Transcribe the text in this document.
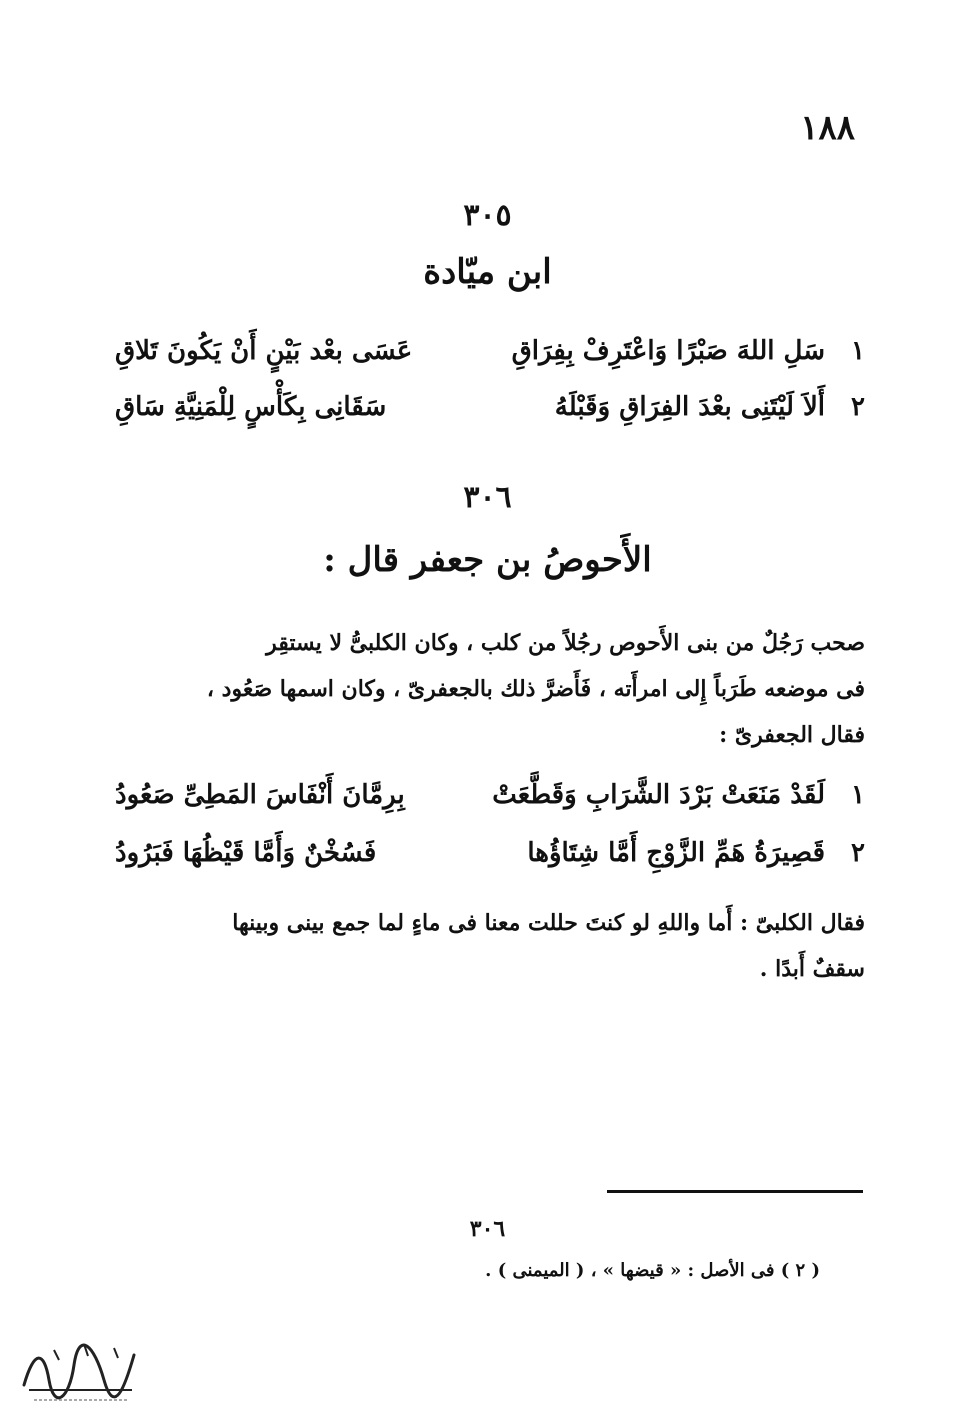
١٨٨
٣٠٥
ابن ميّادة
١
سَلِ اللهَ صَبْرًا وَاعْتَرِفْ بِفِرَاقِ
عَسَى بعْد بَيْنٍ أَنْ يَكُونَ تَلاقِ
٢
أَلاَ لَيْتَنِى بعْدَ الفِرَاقِ وَقَبْلَهُ
سَقَانِى بِكَأْسٍ لِلْمَنِيَّةِ سَاقِ
٣٠٦
الأَحوصُ بن جعفر قال :
صحب رَجُلٌ من بنى الأَحوص رجُلاً من كلب ، وكان الكلبىُّ لا يستقِر
فى موضعه طَرَباً إِلى امرأَته ، فَأَضرَّ ذلك بالجعفرىّ ، وكان اسمها صَعُود ،
فقال الجعفرىّ :
١
لَقَدْ مَنَعَتْ بَرْدَ الشَّرَابِ وَقَطَّعَتْ
بِرِمَّانَ أَنْفَاسَ المَطِىِّ صَعُودُ
٢
قَصِيرَةُ هَمِّ الزَّوْجِ أَمَّا شِتَاؤُها
فَسُخْنٌ وَأَمَّا قَيْظُهَا فَبَرُودُ
فقال الكلبىّ : أَما واللهِ لو كنتَ حللت معنا فى ماءٍ لما جمع بينى وبينها
سقفٌ أَبدًا .
٣٠٦
( ٢ ) فى الأصل : « قيضها » ، ( الميمنى ) .
